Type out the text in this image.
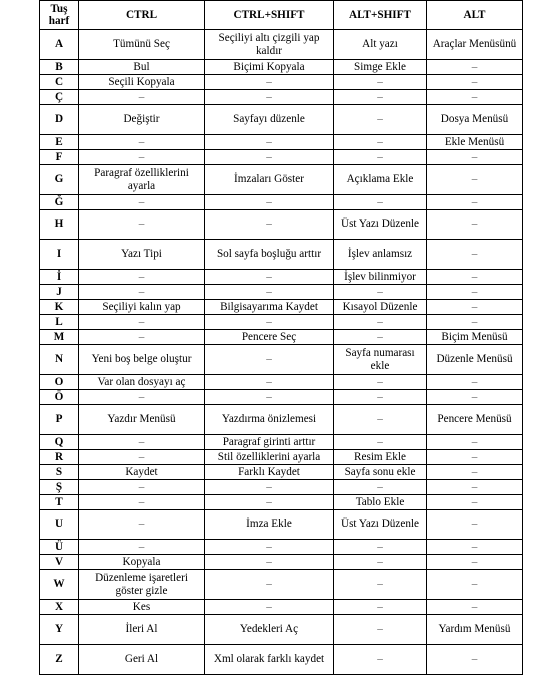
Tuş harf	CTRL	CTRL+SHIFT	ALT+SHIFT	ALT
A	Tümünü Seç	Seçiliyi altı çizgili yap kaldır	Alt yazı	Araçlar Menüsünü
B	Bul	Biçimi Kopyala	Simge Ekle	–
C	Seçili Kopyala	–	–	–
Ç	–	–	–	–
D	Değiştir	Sayfayı düzenle	–	Dosya Menüsü
E	–	–	–	Ekle Menüsü
F	–	–	–	–
G	Paragraf özelliklerini ayarla	İmzaları Göster	Açıklama Ekle	–
Ğ	–	–	–	–
H	–	–	Üst Yazı Düzenle	–
I	Yazı Tipi	Sol sayfa boşluğu arttır	İşlev anlamsız	–
İ	–	–	İşlev bilinmiyor	–
J	–	–	–	–
K	Seçiliyi kalın yap	Bilgisayarıma Kaydet	Kısayol Düzenle	–
L	–	–	–	–
M	–	Pencere Seç	–	Biçim Menüsü
N	Yeni boş belge oluştur	–	Sayfa numarası ekle	Düzenle Menüsü
O	Var olan dosyayı aç	–	–	–
Ö	–	–	–	–
P	Yazdır Menüsü	Yazdırma önizlemesi	–	Pencere Menüsü
Q	–	Paragraf girinti arttır	–	–
R	–	Stil özelliklerini ayarla	Resim Ekle	–
S	Kaydet	Farklı Kaydet	Sayfa sonu ekle	–
Ş	–	–	–	–
T	–	–	Tablo Ekle	–
U	–	İmza Ekle	Üst Yazı Düzenle	–
Ü	–	–	–	–
V	Kopyala	–	–	–
W	Düzenleme işaretleri göster gizle	–	–	–
X	Kes	–	–	–
Y	İleri Al	Yedekleri Aç	–	Yardım Menüsü
Z	Geri Al	Xml olarak farklı kaydet	–	–
